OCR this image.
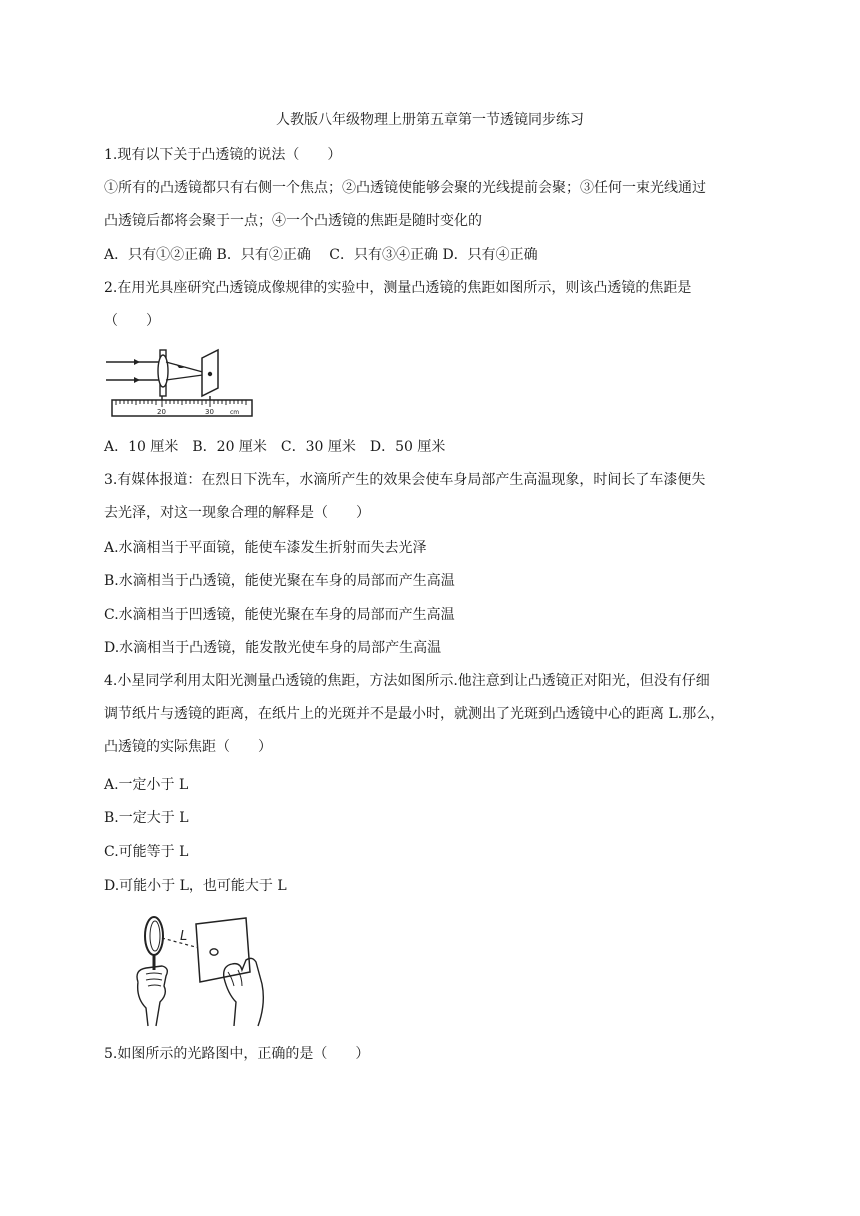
人教版八年级物理上册第五章第一节透镜同步练习
1.现有以下关于凸透镜的说法（　　）
①所有的凸透镜都只有右侧一个焦点；②凸透镜使能够会聚的光线提前会聚；③任何一束光线通过
凸透镜后都将会聚于一点；④一个凸透镜的焦距是随时变化的
A．只有①②正确 B．只有②正确　 C．只有③④正确 D．只有④正确
2.在用光具座研究凸透镜成像规律的实验中，测量凸透镜的焦距如图所示，则该凸透镜的焦距是
（　　）
20	30	cm
A．10 厘米　B．20 厘米　C．30 厘米　D．50 厘米
3.有媒体报道：在烈日下洗车，水滴所产生的效果会使车身局部产生高温现象，时间长了车漆便失
去光泽，对这一现象合理的解释是（　　）
A.水滴相当于平面镜，能使车漆发生折射而失去光泽
B.水滴相当于凸透镜，能使光聚在车身的局部而产生高温
C.水滴相当于凹透镜，能使光聚在车身的局部而产生高温
D.水滴相当于凸透镜，能发散光使车身的局部产生高温
4.小星同学利用太阳光测量凸透镜的焦距，方法如图所示.他注意到让凸透镜正对阳光，但没有仔细
调节纸片与透镜的距离，在纸片上的光斑并不是最小时，就测出了光斑到凸透镜中心的距离 L.那么，
凸透镜的实际焦距（　　）
A.一定小于 L
B.一定大于 L
C.可能等于 L
D.可能小于 L，也可能大于 L
L
5.如图所示的光路图中，正确的是（　　）
